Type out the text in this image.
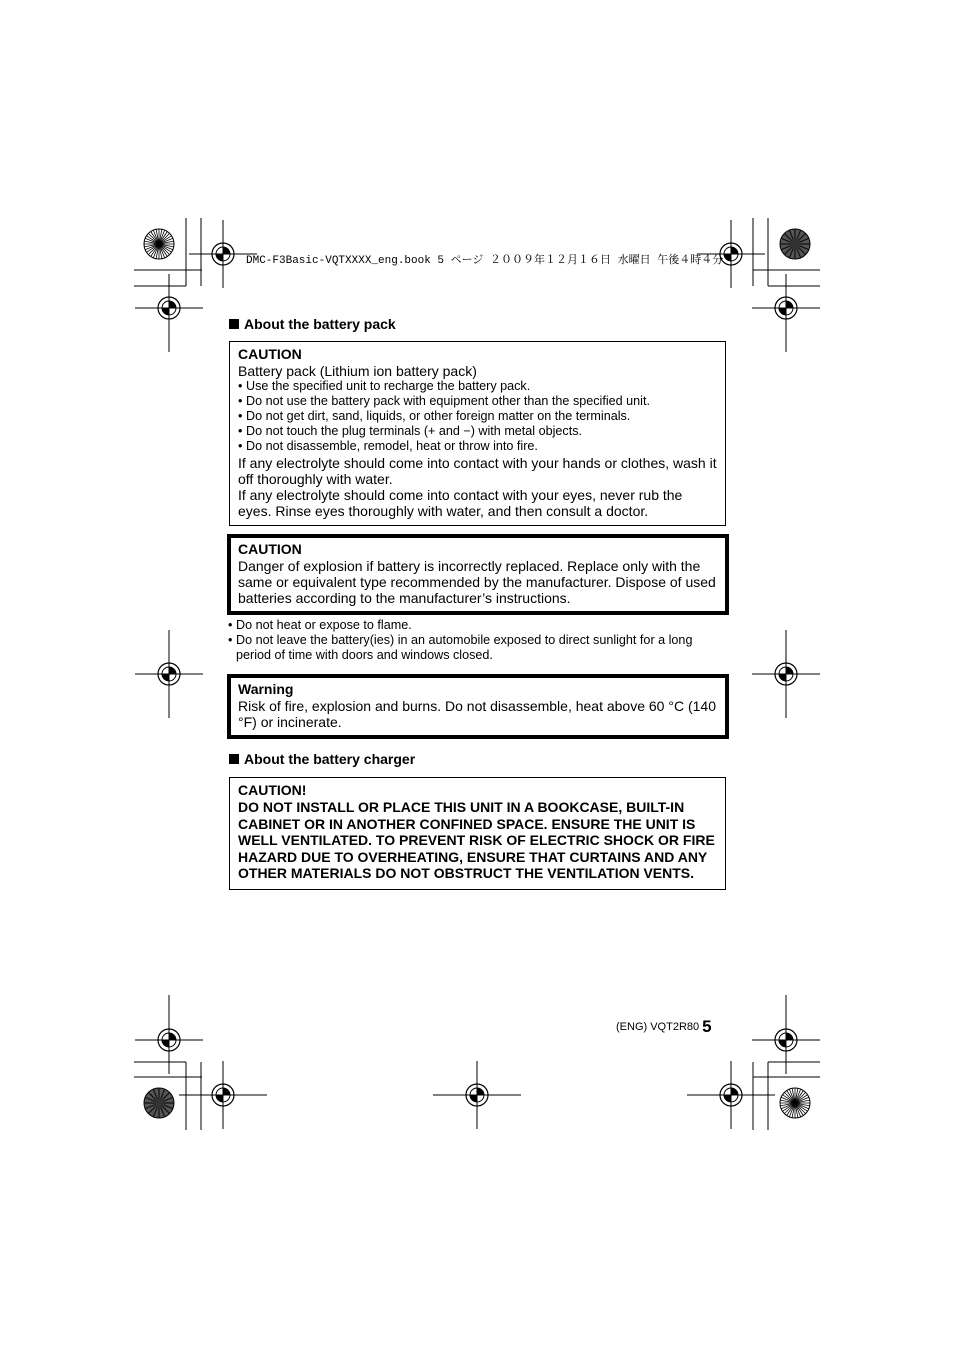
DMC-F3Basic-VQTXXXX_eng.book 5 ページ ２００９年１２月１６日 水曜日 午後４時４分
About the battery pack
CAUTION
Battery pack (Lithium ion battery pack)
• Use the specified unit to recharge the battery pack.
• Do not use the battery pack with equipment other than the specified unit.
• Do not get dirt, sand, liquids, or other foreign matter on the terminals.
• Do not touch the plug terminals (+ and −) with metal objects.
• Do not disassemble, remodel, heat or throw into fire.
If any electrolyte should come into contact with your hands or clothes, wash it off thoroughly with water.
If any electrolyte should come into contact with your eyes, never rub the eyes. Rinse eyes thoroughly with water, and then consult a doctor.
CAUTION
Danger of explosion if battery is incorrectly replaced. Replace only with the same or equivalent type recommended by the manufacturer. Dispose of used batteries according to the manufacturer’s instructions.
• Do not heat or expose to flame.
• Do not leave the battery(ies) in an automobile exposed to direct sunlight for a long period of time with doors and windows closed.
Warning
Risk of fire, explosion and burns. Do not disassemble, heat above 60 °C (140 °F) or incinerate.
About the battery charger
CAUTION!
DO NOT INSTALL OR PLACE THIS UNIT IN A BOOKCASE, BUILT-IN CABINET OR IN ANOTHER CONFINED SPACE. ENSURE THE UNIT IS WELL VENTILATED. TO PREVENT RISK OF ELECTRIC SHOCK OR FIRE HAZARD DUE TO OVERHEATING, ENSURE THAT CURTAINS AND ANY OTHER MATERIALS DO NOT OBSTRUCT THE VENTILATION VENTS.
(ENG) VQT2R80 5
